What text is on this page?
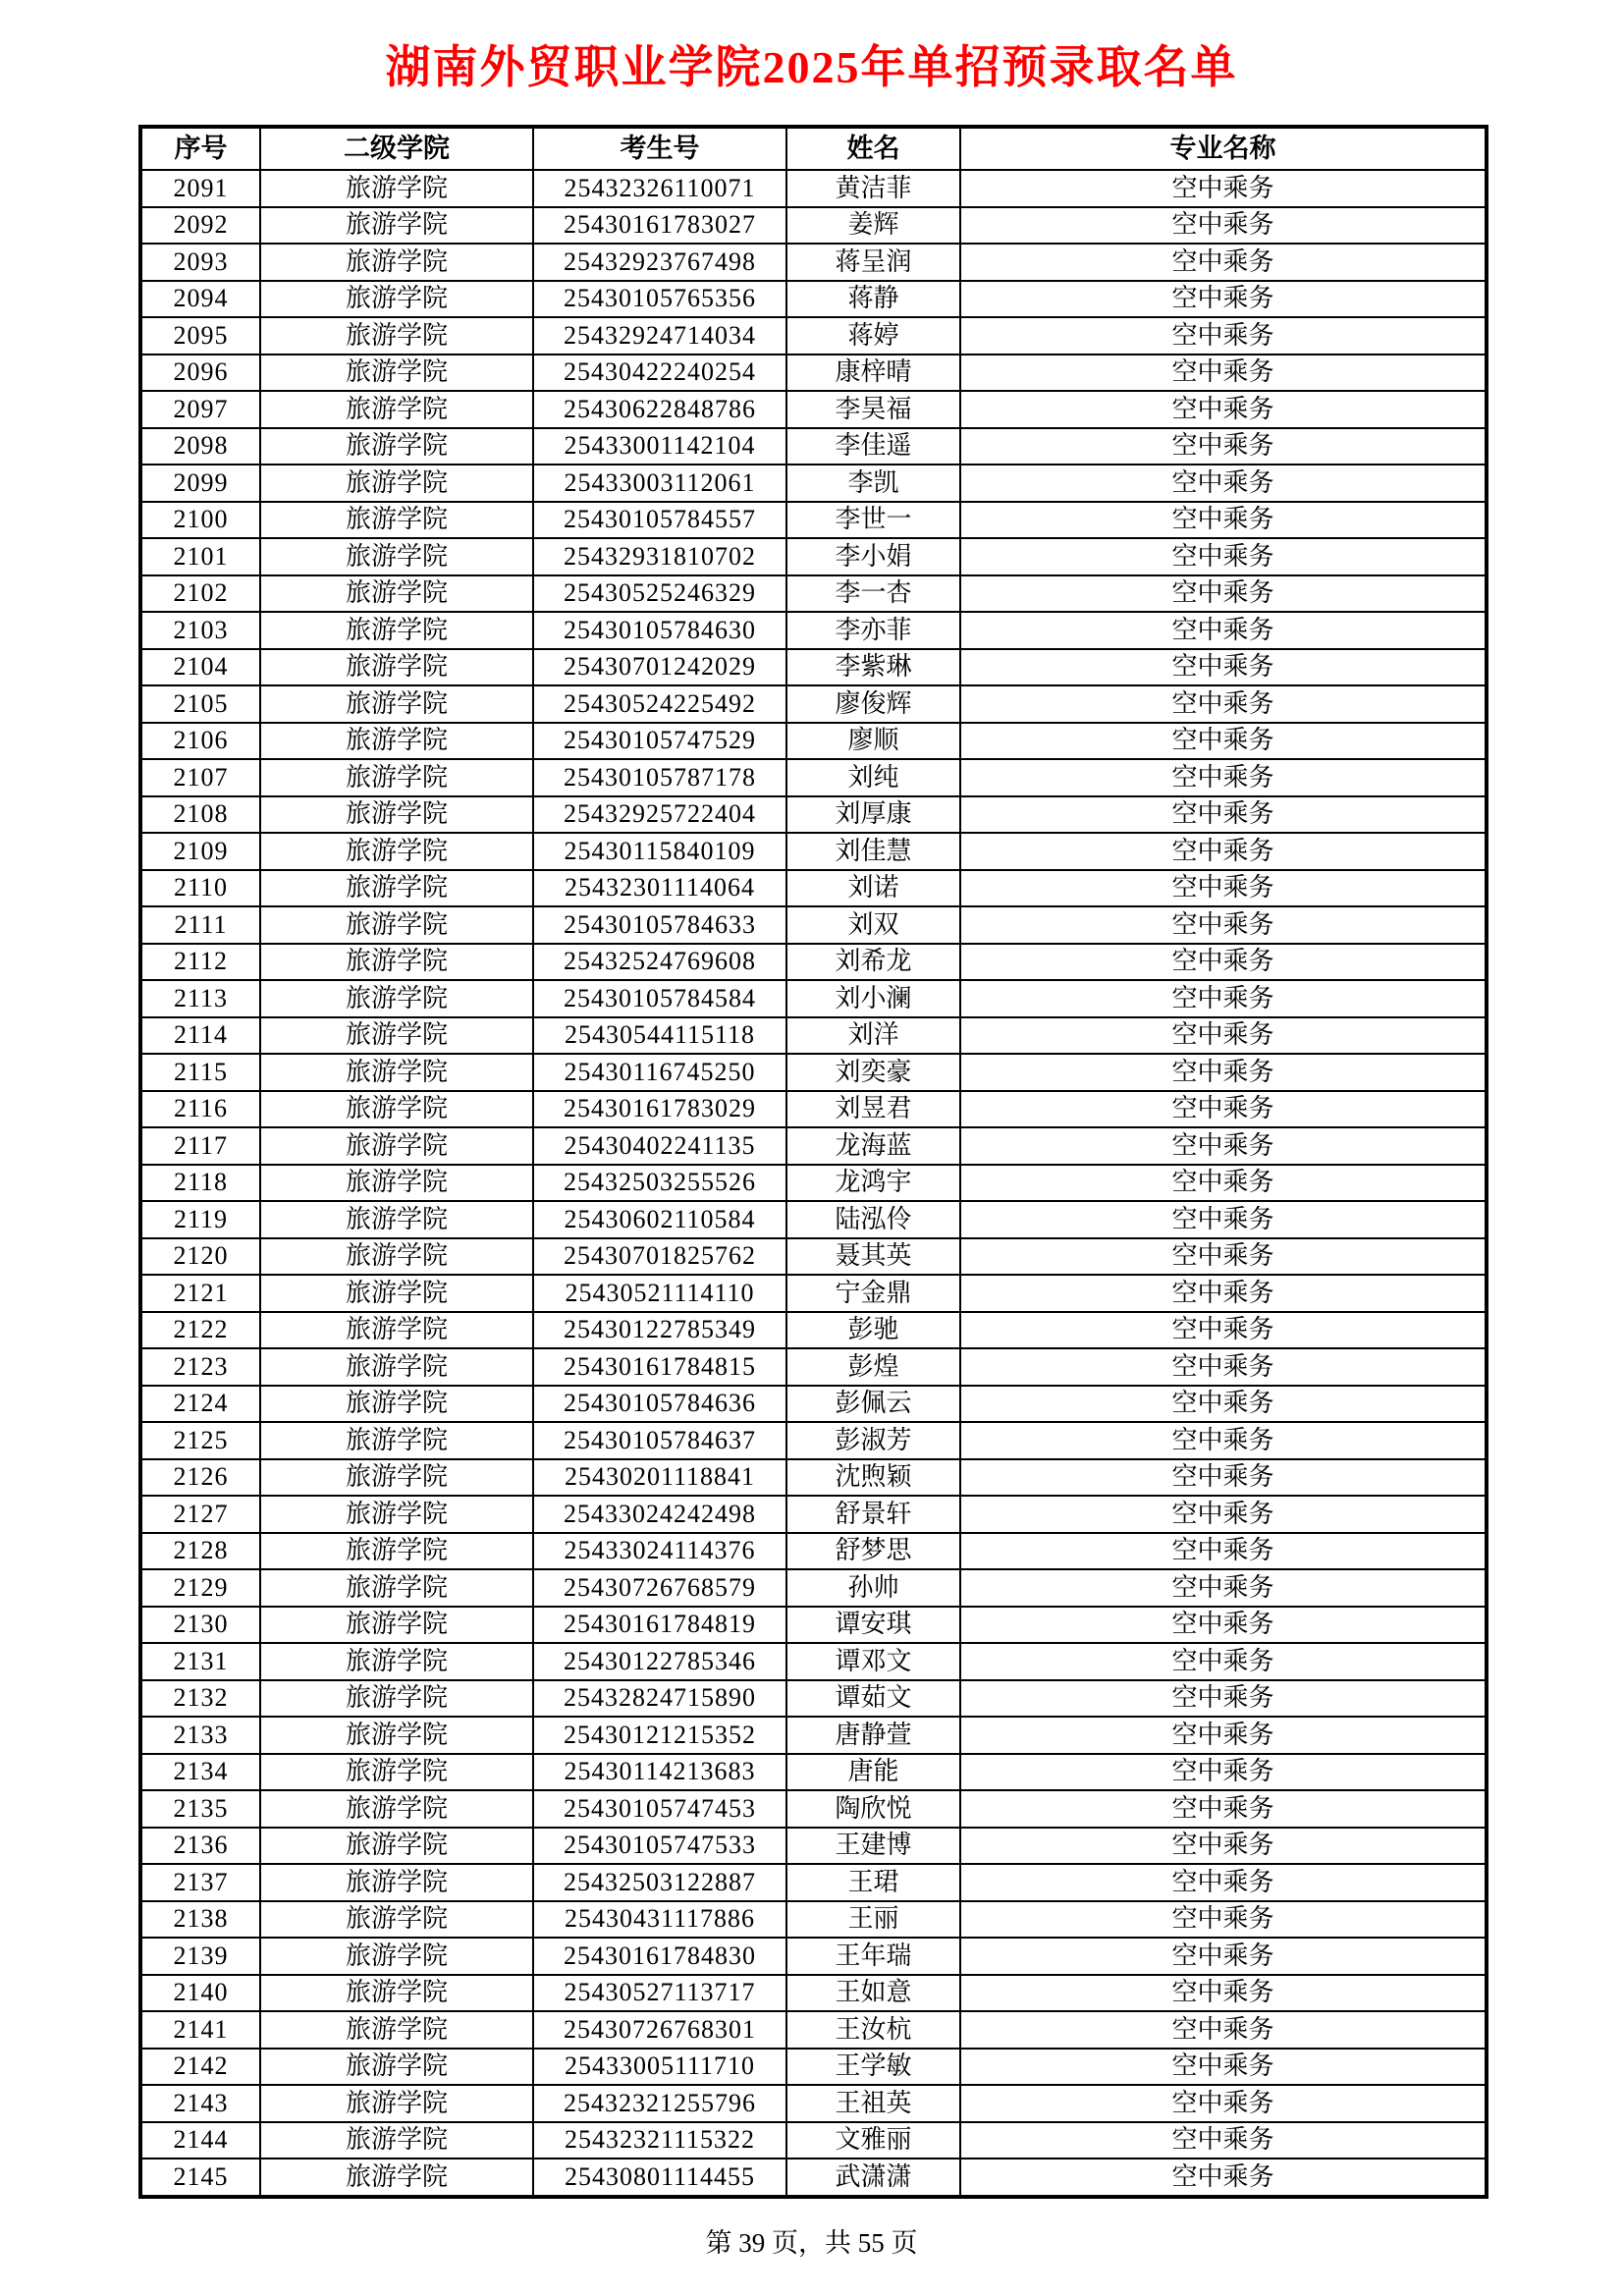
湖南外贸职业学院2025年单招预录取名单
序号	二级学院	考生号	姓名	专业名称
2091	旅游学院	25432326110071	黄洁菲	空中乘务
2092	旅游学院	25430161783027	姜辉	空中乘务
2093	旅游学院	25432923767498	蒋呈润	空中乘务
2094	旅游学院	25430105765356	蒋静	空中乘务
2095	旅游学院	25432924714034	蒋婷	空中乘务
2096	旅游学院	25430422240254	康梓晴	空中乘务
2097	旅游学院	25430622848786	李昊福	空中乘务
2098	旅游学院	25433001142104	李佳遥	空中乘务
2099	旅游学院	25433003112061	李凯	空中乘务
2100	旅游学院	25430105784557	李世一	空中乘务
2101	旅游学院	25432931810702	李小娟	空中乘务
2102	旅游学院	25430525246329	李一杏	空中乘务
2103	旅游学院	25430105784630	李亦菲	空中乘务
2104	旅游学院	25430701242029	李紫琳	空中乘务
2105	旅游学院	25430524225492	廖俊辉	空中乘务
2106	旅游学院	25430105747529	廖顺	空中乘务
2107	旅游学院	25430105787178	刘纯	空中乘务
2108	旅游学院	25432925722404	刘厚康	空中乘务
2109	旅游学院	25430115840109	刘佳慧	空中乘务
2110	旅游学院	25432301114064	刘诺	空中乘务
2111	旅游学院	25430105784633	刘双	空中乘务
2112	旅游学院	25432524769608	刘希龙	空中乘务
2113	旅游学院	25430105784584	刘小澜	空中乘务
2114	旅游学院	25430544115118	刘洋	空中乘务
2115	旅游学院	25430116745250	刘奕豪	空中乘务
2116	旅游学院	25430161783029	刘昱君	空中乘务
2117	旅游学院	25430402241135	龙海蓝	空中乘务
2118	旅游学院	25432503255526	龙鸿宇	空中乘务
2119	旅游学院	25430602110584	陆泓伶	空中乘务
2120	旅游学院	25430701825762	聂其英	空中乘务
2121	旅游学院	25430521114110	宁金鼎	空中乘务
2122	旅游学院	25430122785349	彭驰	空中乘务
2123	旅游学院	25430161784815	彭煌	空中乘务
2124	旅游学院	25430105784636	彭佩云	空中乘务
2125	旅游学院	25430105784637	彭淑芳	空中乘务
2126	旅游学院	25430201118841	沈煦颖	空中乘务
2127	旅游学院	25433024242498	舒景轩	空中乘务
2128	旅游学院	25433024114376	舒梦思	空中乘务
2129	旅游学院	25430726768579	孙帅	空中乘务
2130	旅游学院	25430161784819	谭安琪	空中乘务
2131	旅游学院	25430122785346	谭邓文	空中乘务
2132	旅游学院	25432824715890	谭茹文	空中乘务
2133	旅游学院	25430121215352	唐静萱	空中乘务
2134	旅游学院	25430114213683	唐能	空中乘务
2135	旅游学院	25430105747453	陶欣悦	空中乘务
2136	旅游学院	25430105747533	王建博	空中乘务
2137	旅游学院	25432503122887	王珺	空中乘务
2138	旅游学院	25430431117886	王丽	空中乘务
2139	旅游学院	25430161784830	王年瑞	空中乘务
2140	旅游学院	25430527113717	王如意	空中乘务
2141	旅游学院	25430726768301	王汝杭	空中乘务
2142	旅游学院	25433005111710	王学敏	空中乘务
2143	旅游学院	25432321255796	王祖英	空中乘务
2144	旅游学院	25432321115322	文雅丽	空中乘务
2145	旅游学院	25430801114455	武潇潇	空中乘务
第 39 页，共 55 页
